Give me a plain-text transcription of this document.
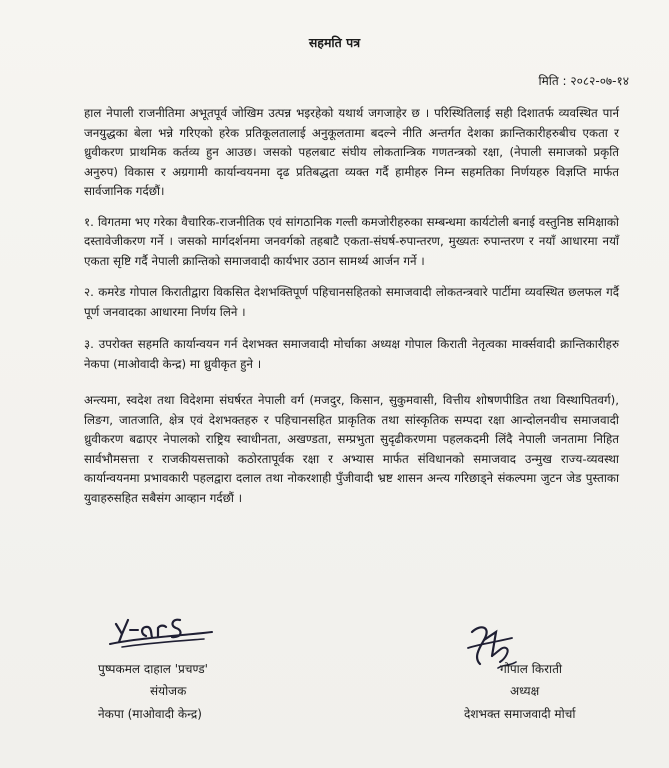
सहमति पत्र
मिति : २०८२-०७-१४

हाल नेपाली राजनीतिमा अभूतपूर्व जोखिम उत्पन्न भइरहेको यथार्थ जगजाहेर छ । परिस्थितिलाई सही दिशातर्फ व्यवस्थित पार्न जनयुद्धका बेला भन्ने गरिएको हरेक प्रतिकूलतालाई अनुकूलतामा बदल्ने नीति अन्तर्गत देशका क्रान्तिकारीहरुबीच एकता र ध्रुवीकरण प्राथमिक कर्तव्य हुन आउछ। जसको पहलबाट संघीय लोकतान्त्रिक गणतन्त्रको रक्षा, (नेपाली समाजको प्रकृति अनुरुप) विकास र अग्रगामी कार्यान्वयनमा दृढ प्रतिबद्धता व्यक्त गर्दै हामीहरु निम्न सहमतिका निर्णयहरु विज्ञप्ति मार्फत सार्वजानिक गर्दछौं।

१. विगतमा भए गरेका वैचारिक-राजनीतिक एवं सांगठानिक गल्ती कमजोरीहरुका सम्बन्धमा कार्यटोली बनाई वस्तुनिष्ठ समिक्षाको दस्तावेजीकरण गर्ने । जसको मार्गदर्शनमा जनवर्गको तहबाटै एकता-संघर्ष-रुपान्तरण, मुख्यतः रुपान्तरण र नयाँ आधारमा नयाँ एकता सृष्टि गर्दै नेपाली क्रान्तिको समाजवादी कार्यभार उठान सामर्थ्य आर्जन गर्ने ।

२. कमरेड गोपाल किरातीद्वारा विकसित देशभक्तिपूर्ण पहिचानसहितको समाजवादी लोकतन्त्रवारे पार्टीमा व्यवस्थित छलफल गर्दै पूर्ण जनवादका आधारमा निर्णय लिने ।

३. उपरोक्त सहमति कार्यान्वयन गर्न देशभक्त समाजवादी मोर्चाका अध्यक्ष गोपाल किराती नेतृत्वका मार्क्सवादी क्रान्तिकारीहरु नेकपा (माओवादी केन्द्र) मा ध्रुवीकृत हुने ।

अन्त्यमा, स्वदेश तथा विदेशमा संघर्षरत नेपाली वर्ग (मजदुर, किसान, सुकुमवासी, वित्तीय शोषणपीडित तथा विस्थापितवर्ग), लिङग, जातजाति, क्षेत्र एवं देशभक्तहरु र पहिचानसहित प्राकृतिक तथा सांस्कृतिक सम्पदा रक्षा आन्दोलनवीच समाजवादी ध्रुवीकरण बढाएर नेपालको राष्ट्रिय स्वाधीनता, अखण्डता, सम्प्रभुता सुदृढीकरणमा पहलकदमी लिंदै नेपाली जनतामा निहित सार्वभौमसत्ता र राजकीयसत्ताको कठोरतापूर्वक रक्षा र अभ्यास मार्फत संविधानको समाजवाद उन्मुख राज्य-व्यवस्था कार्यान्वयनमा प्रभावकारी पहलद्वारा दलाल तथा नोकरशाही पुँजीवादी भ्रष्ट शासन अन्त्य गरिछाड्ने संकल्पमा जुटन जेड पुस्ताका युवाहरुसहित सबैसंग आव्हान गर्दछौं ।

पुष्पकमल दाहाल 'प्रचण्ड'
संयोजक
नेकपा (माओवादी केन्द्र)
गोपाल किराती
अध्यक्ष
देशभक्त समाजवादी मोर्चा
